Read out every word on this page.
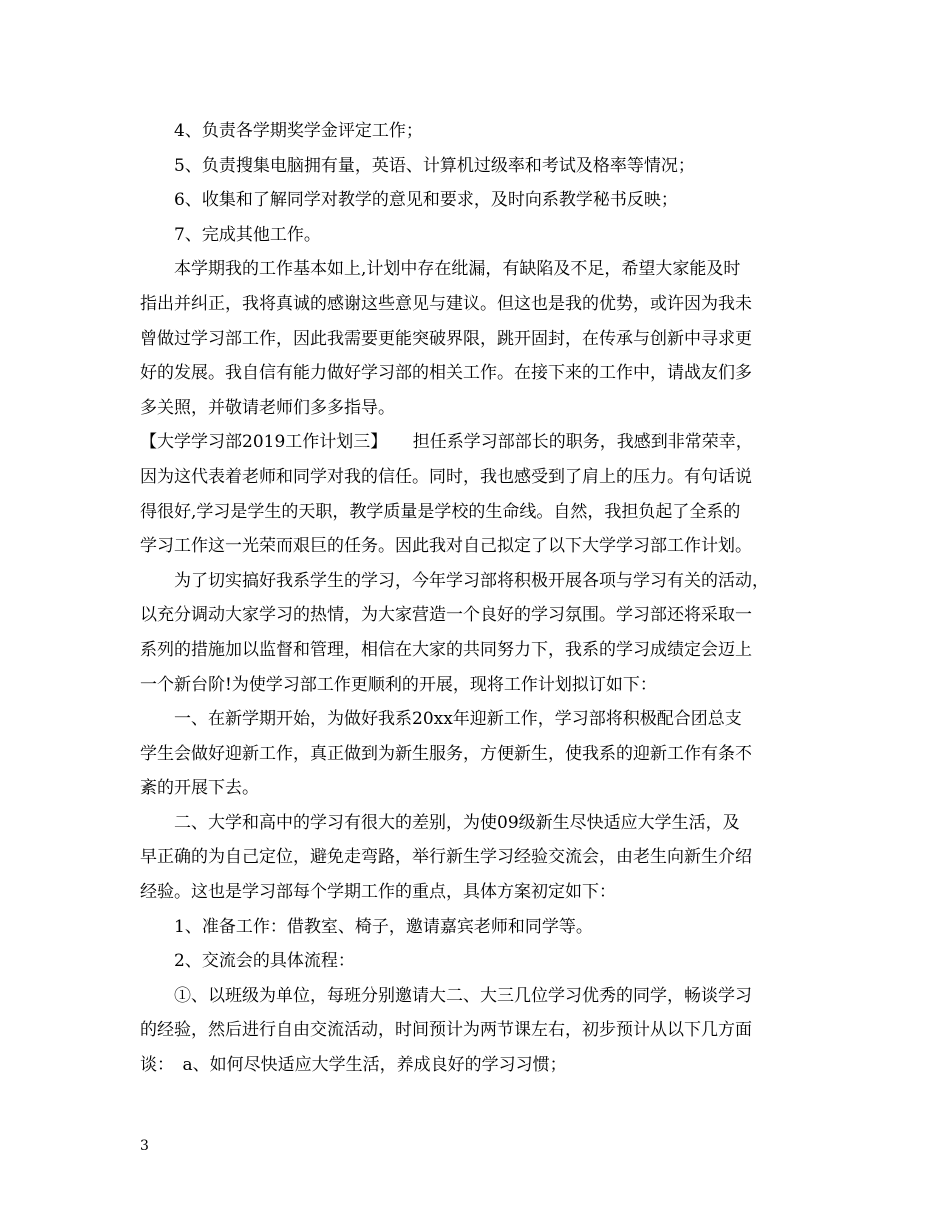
4、负责各学期奖学金评定工作；
5、负责搜集电脑拥有量，英语、计算机过级率和考试及格率等情况；
6、收集和了解同学对教学的意见和要求，及时向系教学秘书反映；
7、完成其他工作。
本学期我的工作基本如上,计划中存在纰漏，有缺陷及不足，希望大家能及时
指出并纠正，我将真诚的感谢这些意见与建议。但这也是我的优势，或许因为我未
曾做过学习部工作，因此我需要更能突破界限，跳开固封，在传承与创新中寻求更
好的发展。我自信有能力做好学习部的相关工作。在接下来的工作中，请战友们多
多关照，并敬请老师们多多指导。
【大学学习部2019工作计划三】　　担任系学习部部长的职务，我感到非常荣幸，
因为这代表着老师和同学对我的信任。同时，我也感受到了肩上的压力。有句话说
得很好,学习是学生的天职，教学质量是学校的生命线。自然，我担负起了全系的
学习工作这一光荣而艰巨的任务。因此我对自己拟定了以下大学学习部工作计划。
为了切实搞好我系学生的学习，今年学习部将积极开展各项与学习有关的活动，
以充分调动大家学习的热情，为大家营造一个良好的学习氛围。学习部还将采取一
系列的措施加以监督和管理，相信在大家的共同努力下，我系的学习成绩定会迈上
一个新台阶!为使学习部工作更顺利的开展，现将工作计划拟订如下：
一、在新学期开始，为做好我系20xx年迎新工作，学习部将积极配合团总支
学生会做好迎新工作，真正做到为新生服务，方便新生，使我系的迎新工作有条不
紊的开展下去。
二、大学和高中的学习有很大的差别，为使09级新生尽快适应大学生活，及
早正确的为自己定位，避免走弯路，举行新生学习经验交流会，由老生向新生介绍
经验。这也是学习部每个学期工作的重点，具体方案初定如下：
1、准备工作：借教室、椅子，邀请嘉宾老师和同学等。
2、交流会的具体流程：
①、以班级为单位，每班分别邀请大二、大三几位学习优秀的同学，畅谈学习
的经验，然后进行自由交流活动，时间预计为两节课左右，初步预计从以下几方面
谈：　a、如何尽快适应大学生活，养成良好的学习习惯；
3
